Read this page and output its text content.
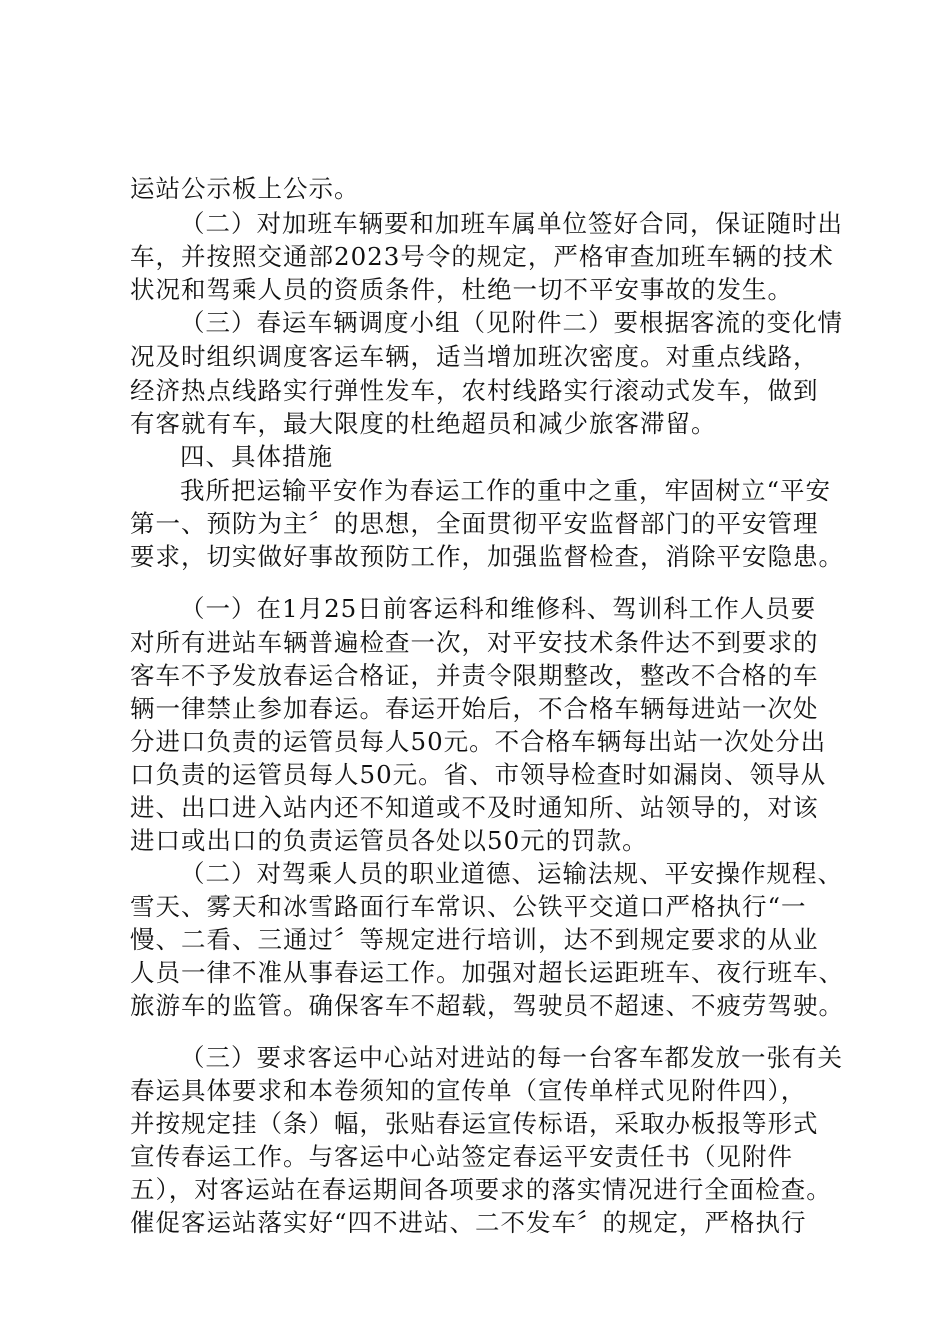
运站公示板上公示。
（二）对加班车辆要和加班车属单位签好合同，保证随时出
车，并按照交通部2023号令的规定，严格审查加班车辆的技术
状况和驾乘人员的资质条件，杜绝一切不平安事故的发生。
（三）春运车辆调度小组（见附件二）要根据客流的变化情
况及时组织调度客运车辆，适当增加班次密度。对重点线路，
经济热点线路实行弹性发车，农村线路实行滚动式发车，做到
有客就有车，最大限度的杜绝超员和减少旅客滞留。
四、具体措施
我所把运输平安作为春运工作的重中之重，牢固树立“平安
第一、预防为主〞的思想，全面贯彻平安监督部门的平安管理
要求，切实做好事故预防工作，加强监督检查，消除平安隐患。
（一）在1月25日前客运科和维修科、驾训科工作人员要
对所有进站车辆普遍检查一次，对平安技术条件达不到要求的
客车不予发放春运合格证，并责令限期整改，整改不合格的车
辆一律禁止参加春运。春运开始后，不合格车辆每进站一次处
分进口负责的运管员每人50元。不合格车辆每出站一次处分出
口负责的运管员每人50元。省、市领导检查时如漏岗、领导从
进、出口进入站内还不知道或不及时通知所、站领导的，对该
进口或出口的负责运管员各处以50元的罚款。
（二）对驾乘人员的职业道德、运输法规、平安操作规程、
雪天、雾天和冰雪路面行车常识、公铁平交道口严格执行“一
慢、二看、三通过〞等规定进行培训，达不到规定要求的从业
人员一律不准从事春运工作。加强对超长运距班车、夜行班车、
旅游车的监管。确保客车不超载，驾驶员不超速、不疲劳驾驶。
（三）要求客运中心站对进站的每一台客车都发放一张有关
春运具体要求和本卷须知的宣传单（宣传单样式见附件四），
并按规定挂（条）幅，张贴春运宣传标语，采取办板报等形式
宣传春运工作。与客运中心站签定春运平安责任书（见附件
五），对客运站在春运期间各项要求的落实情况进行全面检查。
催促客运站落实好“四不进站、二不发车〞的规定，严格执行
